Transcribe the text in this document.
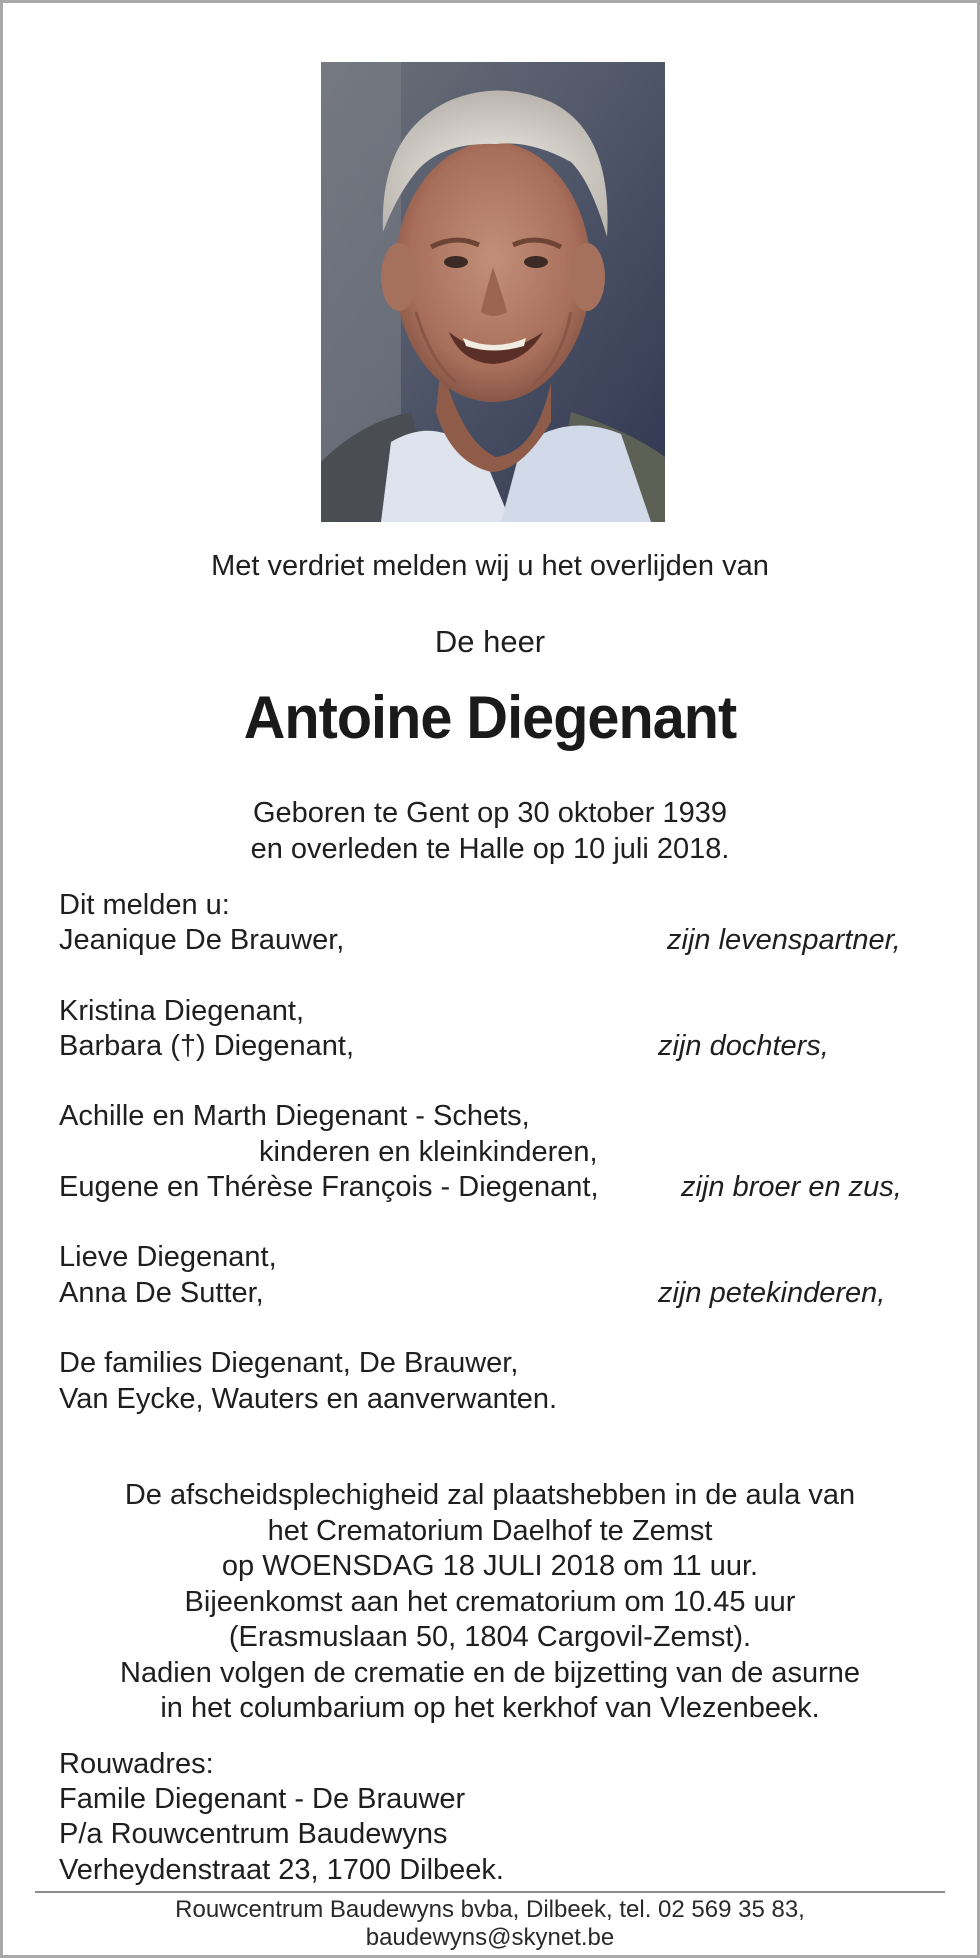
Met verdriet melden wij u het overlijden van
De heer
Antoine Diegenant
Geboren te Gent op 30 oktober 1939
en overleden te Halle op 10 juli 2018.
Dit melden u:
Jeanique De Brauwer,	zijn levenspartner,
Kristina Diegenant,
Barbara (†) Diegenant,	zijn dochters,
Achille en Marth Diegenant - Schets,
kinderen en kleinkinderen,
Eugene en Thérèse François - Diegenant,	zijn broer en zus,
Lieve Diegenant,
Anna De Sutter,	zijn petekinderen,
De families Diegenant, De Brauwer,
Van Eycke, Wauters en aanverwanten.
De afscheidsplechigheid zal plaatshebben in de aula van
het Crematorium Daelhof te Zemst
op WOENSDAG 18 JULI 2018 om 11 uur.
Bijeenkomst aan het crematorium om 10.45 uur
(Erasmuslaan 50, 1804 Cargovil-Zemst).
Nadien volgen de crematie en de bijzetting van de asurne
in het columbarium op het kerkhof van Vlezenbeek.
Rouwadres:
Famile Diegenant - De Brauwer
P/a Rouwcentrum Baudewyns
Verheydenstraat 23, 1700 Dilbeek.
Rouwcentrum Baudewyns bvba, Dilbeek, tel. 02 569 35 83,
baudewyns@skynet.be
